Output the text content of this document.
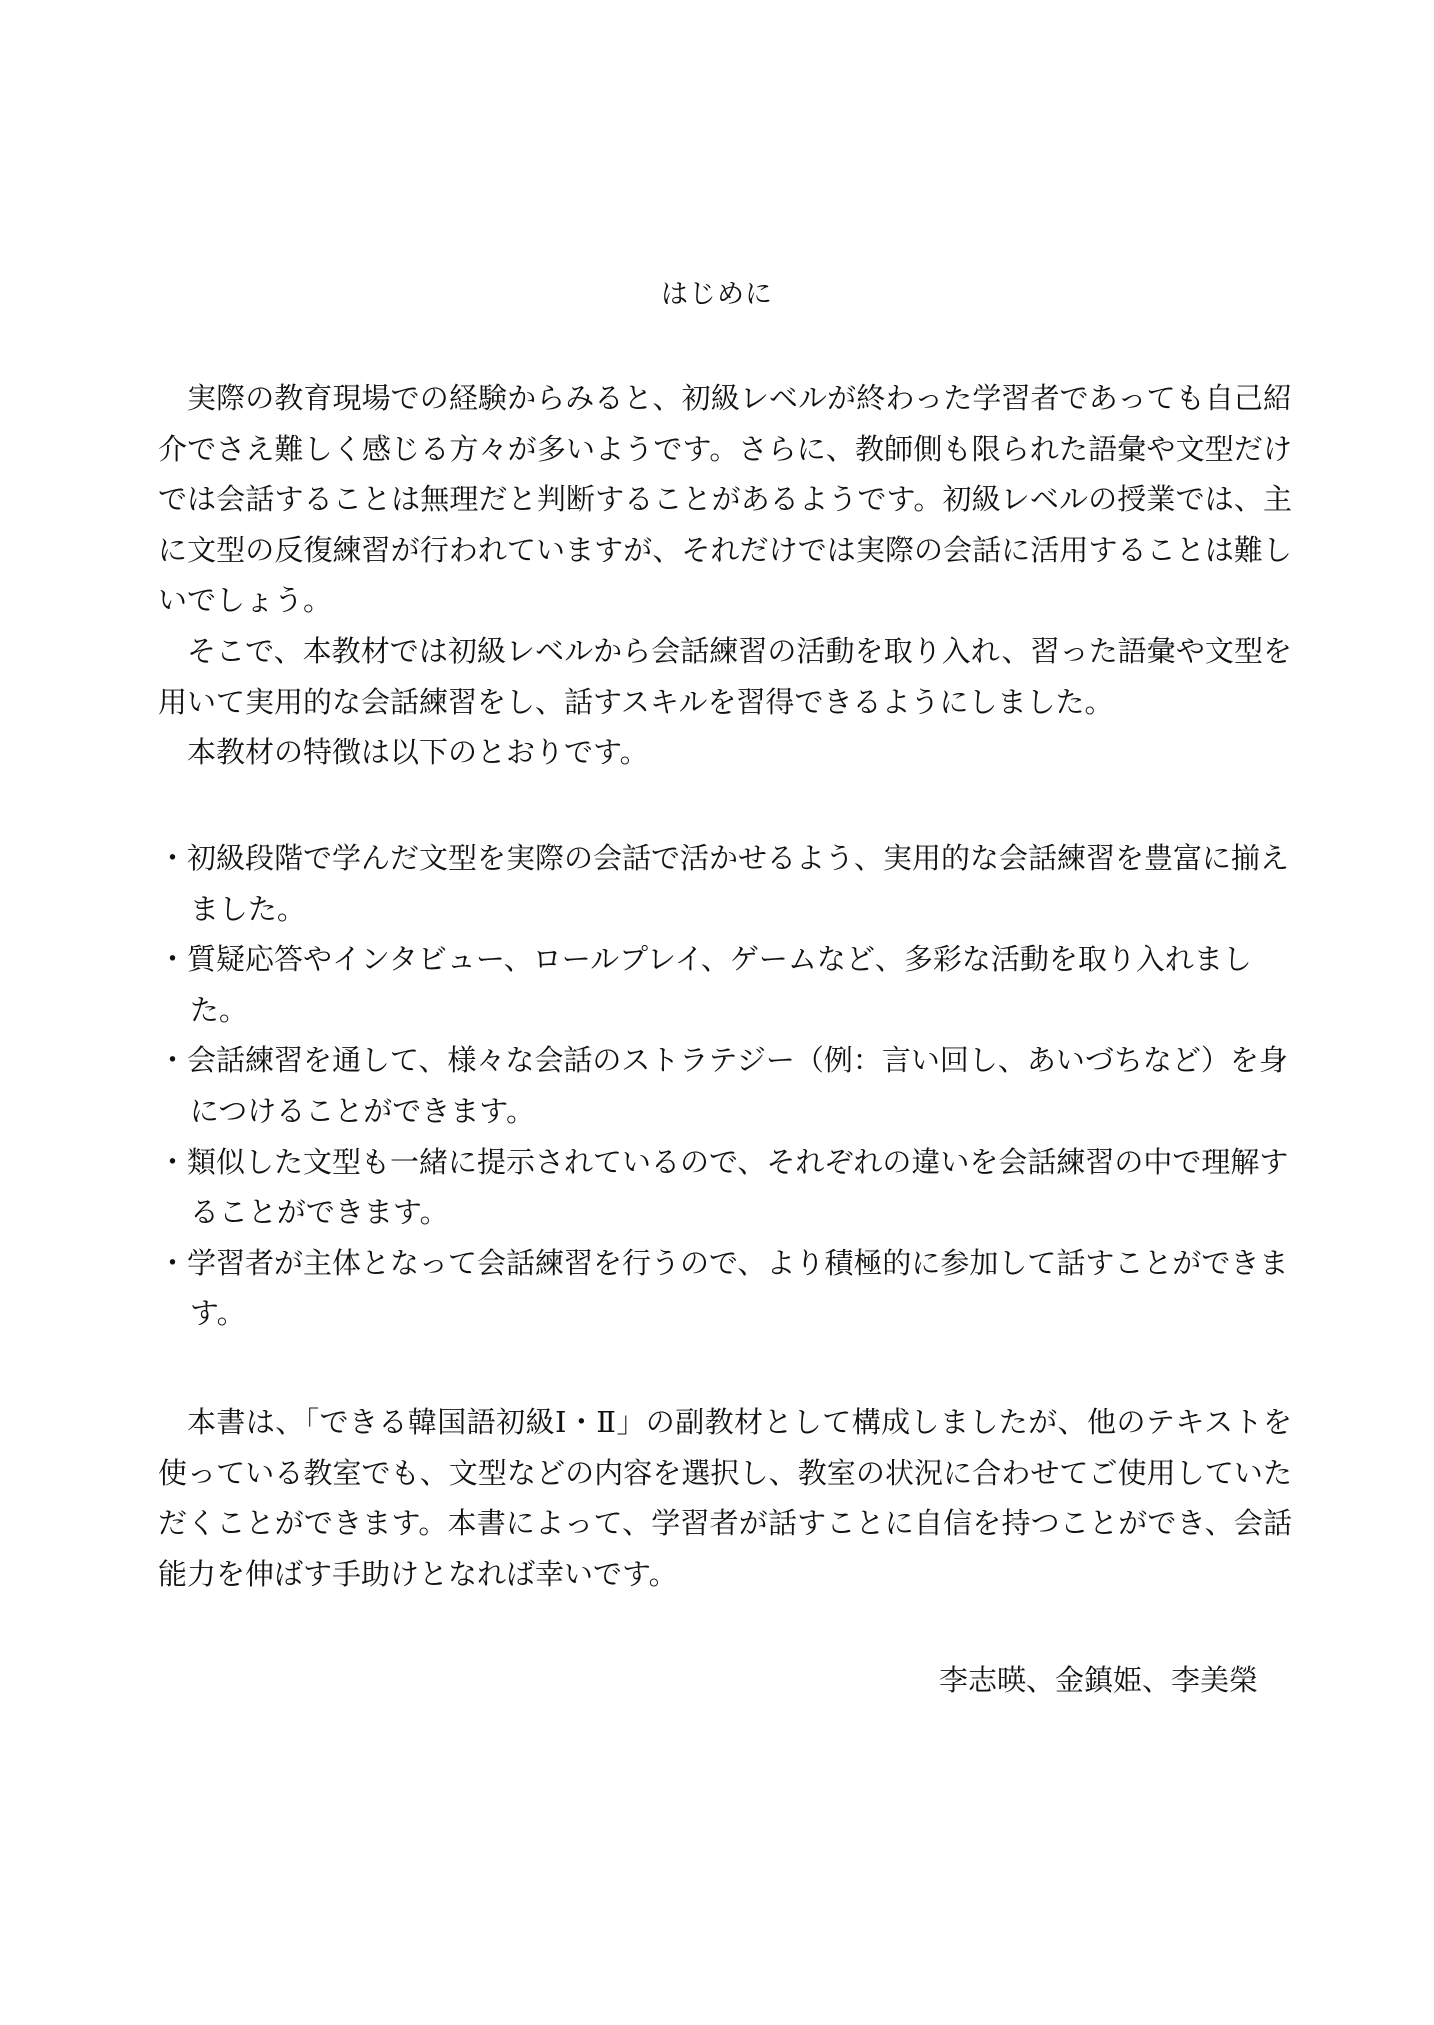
はじめに

実際の教育現場での経験からみると、初級レベルが終わった学習者であっても自己紹介でさえ難しく感じる方々が多いようです。さらに、教師側も限られた語彙や文型だけでは会話することは無理だと判断することがあるようです。初級レベルの授業では、主に文型の反復練習が行われていますが、それだけでは実際の会話に活用することは難しいでしょう。

そこで、本教材では初級レベルから会話練習の活動を取り入れ、習った語彙や文型を用いて実用的な会話練習をし、話すスキルを習得できるようにしました。

本教材の特徴は以下のとおりです。

・初級段階で学んだ文型を実際の会話で活かせるよう、実用的な会話練習を豊富に揃えました。
・質疑応答やインタビュー、ロールプレイ、ゲームなど、多彩な活動を取り入れました。
・会話練習を通して、様々な会話のストラテジー（例：言い回し、あいづちなど）を身につけることができます。
・類似した文型も一緒に提示されているので、それぞれの違いを会話練習の中で理解することができます。
・学習者が主体となって会話練習を行うので、より積極的に参加して話すことができます。

本書は、「できる韓国語初級Ⅰ・Ⅱ」の副教材として構成しましたが、他のテキストを使っている教室でも、文型などの内容を選択し、教室の状況に合わせてご使用していただくことができます。本書によって、学習者が話すことに自信を持つことができ、会話能力を伸ばす手助けとなれば幸いです。

李志暎、金鎮姫、李美榮
